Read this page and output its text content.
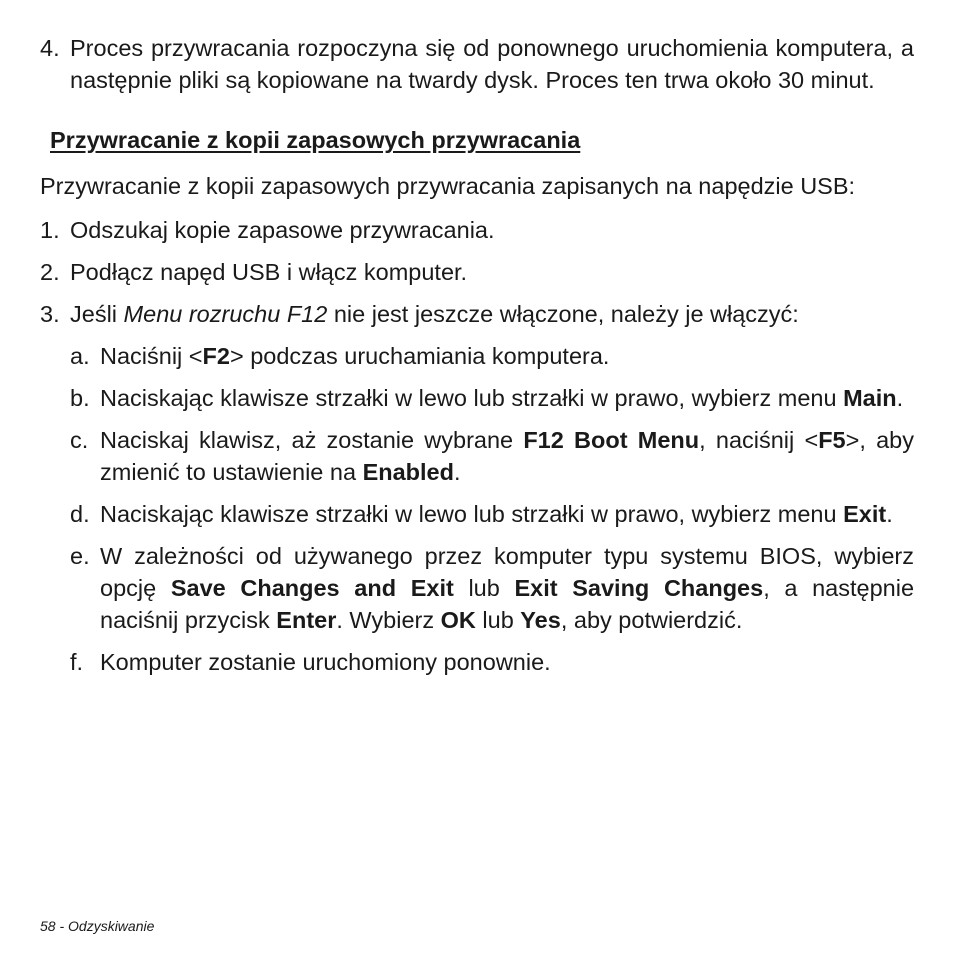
4. Proces przywracania rozpoczyna się od ponownego uruchomienia komputera, a następnie pliki są kopiowane na twardy dysk. Proces ten trwa około 30 minut.
Przywracanie z kopii zapasowych przywracania

Przywracanie z kopii zapasowych przywracania zapisanych na napędzie USB:

1. Odszukaj kopie zapasowe przywracania.
2. Podłącz napęd USB i włącz komputer.
3. Jeśli Menu rozruchu F12 nie jest jeszcze włączone, należy je włączyć:
a. Naciśnij <F2> podczas uruchamiania komputera.
b. Naciskając klawisze strzałki w lewo lub strzałki w prawo, wybierz menu Main.
c. Naciskaj klawisz, aż zostanie wybrane F12 Boot Menu, naciśnij <F5>, aby zmienić to ustawienie na Enabled.
d. Naciskając klawisze strzałki w lewo lub strzałki w prawo, wybierz menu Exit.
e. W zależności od używanego przez komputer typu systemu BIOS, wybierz opcję Save Changes and Exit lub Exit Saving Changes, a następnie naciśnij przycisk Enter. Wybierz OK lub Yes, aby potwierdzić.
f. Komputer zostanie uruchomiony ponownie.
58 - Odzyskiwanie
